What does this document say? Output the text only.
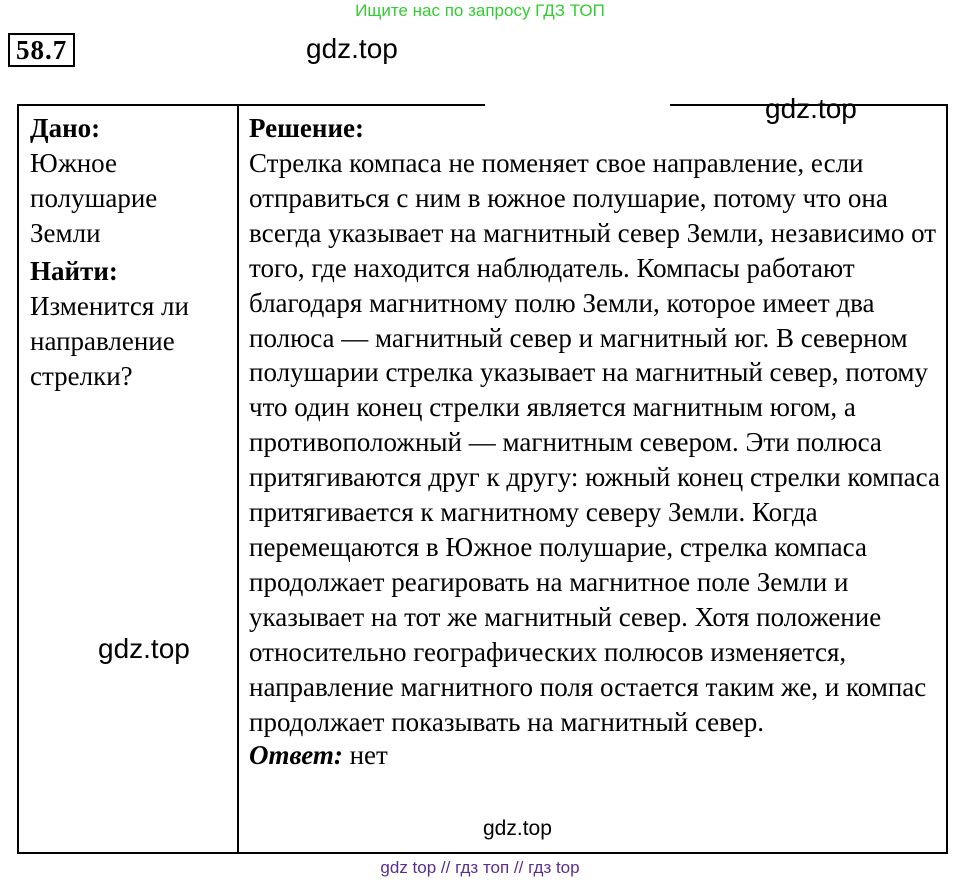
Ищите нас по запросу ГДЗ ТОП
58.7	gdz.top

Дано:

Южное полушарие Земли

Найти:

Изменится ли направление стрелки?

Решение:

Стрелка компаса не поменяет свое направление, если отправиться с ним в южное полушарие, потому что она всегда указывает на магнитный север Земли, независимо от того, где находится наблюдатель. Компасы работают благодаря магнитному полю Земли, которое имеет два полюса — магнитный север и магнитный юг. В северном полушарии стрелка указывает на магнитный север, потому что один конец стрелки является магнитным югом, а противоположный — магнитным севером. Эти полюса притягиваются друг к другу: южный конец стрелки компаса притягивается к магнитному северу Земли. Когда перемещаются в Южное полушарие, стрелка компаса продолжает реагировать на магнитное поле Земли и указывает на тот же магнитный север. Хотя положение относительно географических полюсов изменяется, направление магнитного поля остается таким же, и компас продолжает показывать на магнитный север.

Ответ: нет

gdz.top
gdz.top
gdz.top
gdz top // гдз топ // гдз top
